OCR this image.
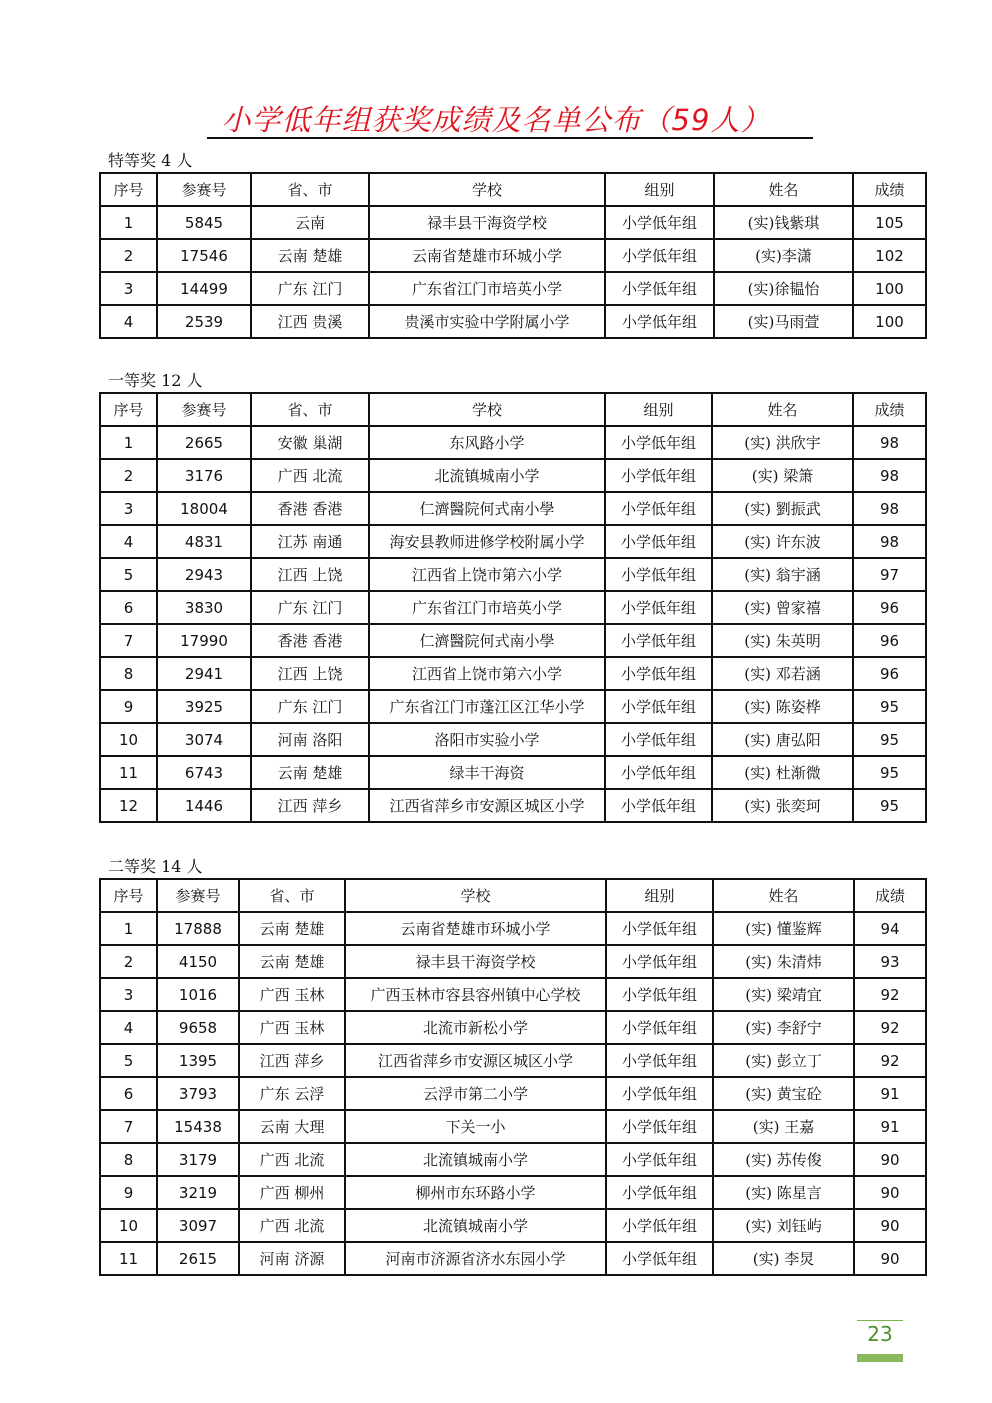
小学低年组获奖成绩及名单公布（59人）
特等奖 4 人
序号	参赛号	省、市	学校	组别	姓名	成绩
1	5845	云南	禄丰县干海资学校	小学低年组	(实)钱紫琪	105
2	17546	云南 楚雄	云南省楚雄市环城小学	小学低年组	(实)李潇	102
3	14499	广东 江门	广东省江门市培英小学	小学低年组	(实)徐韫怡	100
4	2539	江西 贵溪	贵溪市实验中学附属小学	小学低年组	(实)马雨萱	100
一等奖 12 人
序号	参赛号	省、市	学校	组别	姓名	成绩
1	2665	安徽 巢湖	东风路小学	小学低年组	(实) 洪欣宇	98
2	3176	广西 北流	北流镇城南小学	小学低年组	(实) 梁箫	98
3	18004	香港 香港	仁濟醫院何式南小學	小学低年组	(实) 劉振武	98
4	4831	江苏 南通	海安县教师进修学校附属小学	小学低年组	(实) 许东波	98
5	2943	江西 上饶	江西省上饶市第六小学	小学低年组	(实) 翁宇涵	97
6	3830	广东 江门	广东省江门市培英小学	小学低年组	(实) 曾家禧	96
7	17990	香港 香港	仁濟醫院何式南小學	小学低年组	(实) 朱英明	96
8	2941	江西 上饶	江西省上饶市第六小学	小学低年组	(实) 邓若涵	96
9	3925	广东 江门	广东省江门市蓬江区江华小学	小学低年组	(实) 陈姿桦	95
10	3074	河南 洛阳	洛阳市实验小学	小学低年组	(实) 唐弘阳	95
11	6743	云南 楚雄	绿丰干海资	小学低年组	(实) 杜渐微	95
12	1446	江西 萍乡	江西省萍乡市安源区城区小学	小学低年组	(实) 张奕珂	95
二等奖 14 人
序号	参赛号	省、市	学校	组别	姓名	成绩
1	17888	云南 楚雄	云南省楚雄市环城小学	小学低年组	(实) 懂鉴辉	94
2	4150	云南 楚雄	禄丰县干海资学校	小学低年组	(实) 朱清炜	93
3	1016	广西 玉林	广西玉林市容县容州镇中心学校	小学低年组	(实) 梁靖宜	92
4	9658	广西 玉林	北流市新松小学	小学低年组	(实) 李舒宁	92
5	1395	江西 萍乡	江西省萍乡市安源区城区小学	小学低年组	(实) 彭立丁	92
6	3793	广东 云浮	云浮市第二小学	小学低年组	(实) 黄宝砼	91
7	15438	云南 大理	下关一小	小学低年组	(实) 王嘉	91
8	3179	广西 北流	北流镇城南小学	小学低年组	(实) 苏传俊	90
9	3219	广西 柳州	柳州市东环路小学	小学低年组	(实) 陈星言	90
10	3097	广西 北流	北流镇城南小学	小学低年组	(实) 刘钰屿	90
11	2615	河南 济源	河南市济源省济水东园小学	小学低年组	(实) 李炅	90
23
